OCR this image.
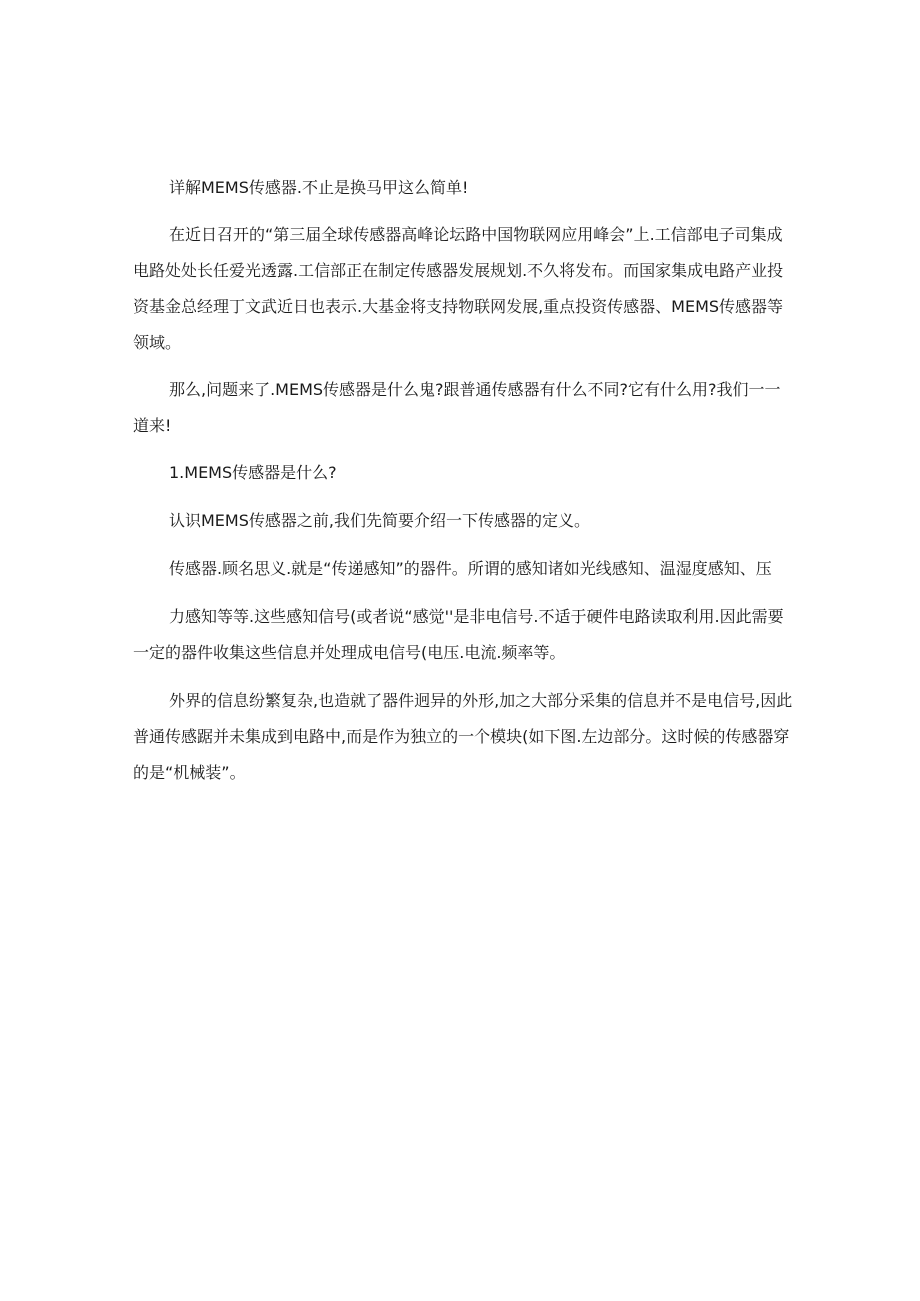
详解MEMS传感器.不止是换马甲这么简单!

在近日召开的“第三届全球传感器高峰论坛路中国物联网应用峰会”上.工信部电子司集成电路处处长任爱光透露.工信部正在制定传感器发展规划.不久将发布。而国家集成电路产业投资基金总经理丁文武近日也表示.大基金将支持物联网发展,重点投资传感器、MEMS传感器等领域。

那么,问题来了.MEMS传感器是什么鬼?跟普通传感器有什么不同?它有什么用?我们一一道来!

1.MEMS传感器是什么?

认识MEMS传感器之前,我们先简要介绍一下传感器的定义。

传感器.顾名思义.就是“传递感知”的器件。所谓的感知诸如光线感知、温湿度感知、压

力感知等等.这些感知信号(或者说“感觉''是非电信号.不适于硬件电路读取利用.因此需要一定的器件收集这些信息并处理成电信号(电压.电流.频率等。

外界的信息纷繁复杂,也造就了器件迥异的外形,加之大部分采集的信息并不是电信号,因此普通传感踞并未集成到电路中,而是作为独立的一个模块(如下图.左边部分。这时候的传感器穿的是“机械装”。
